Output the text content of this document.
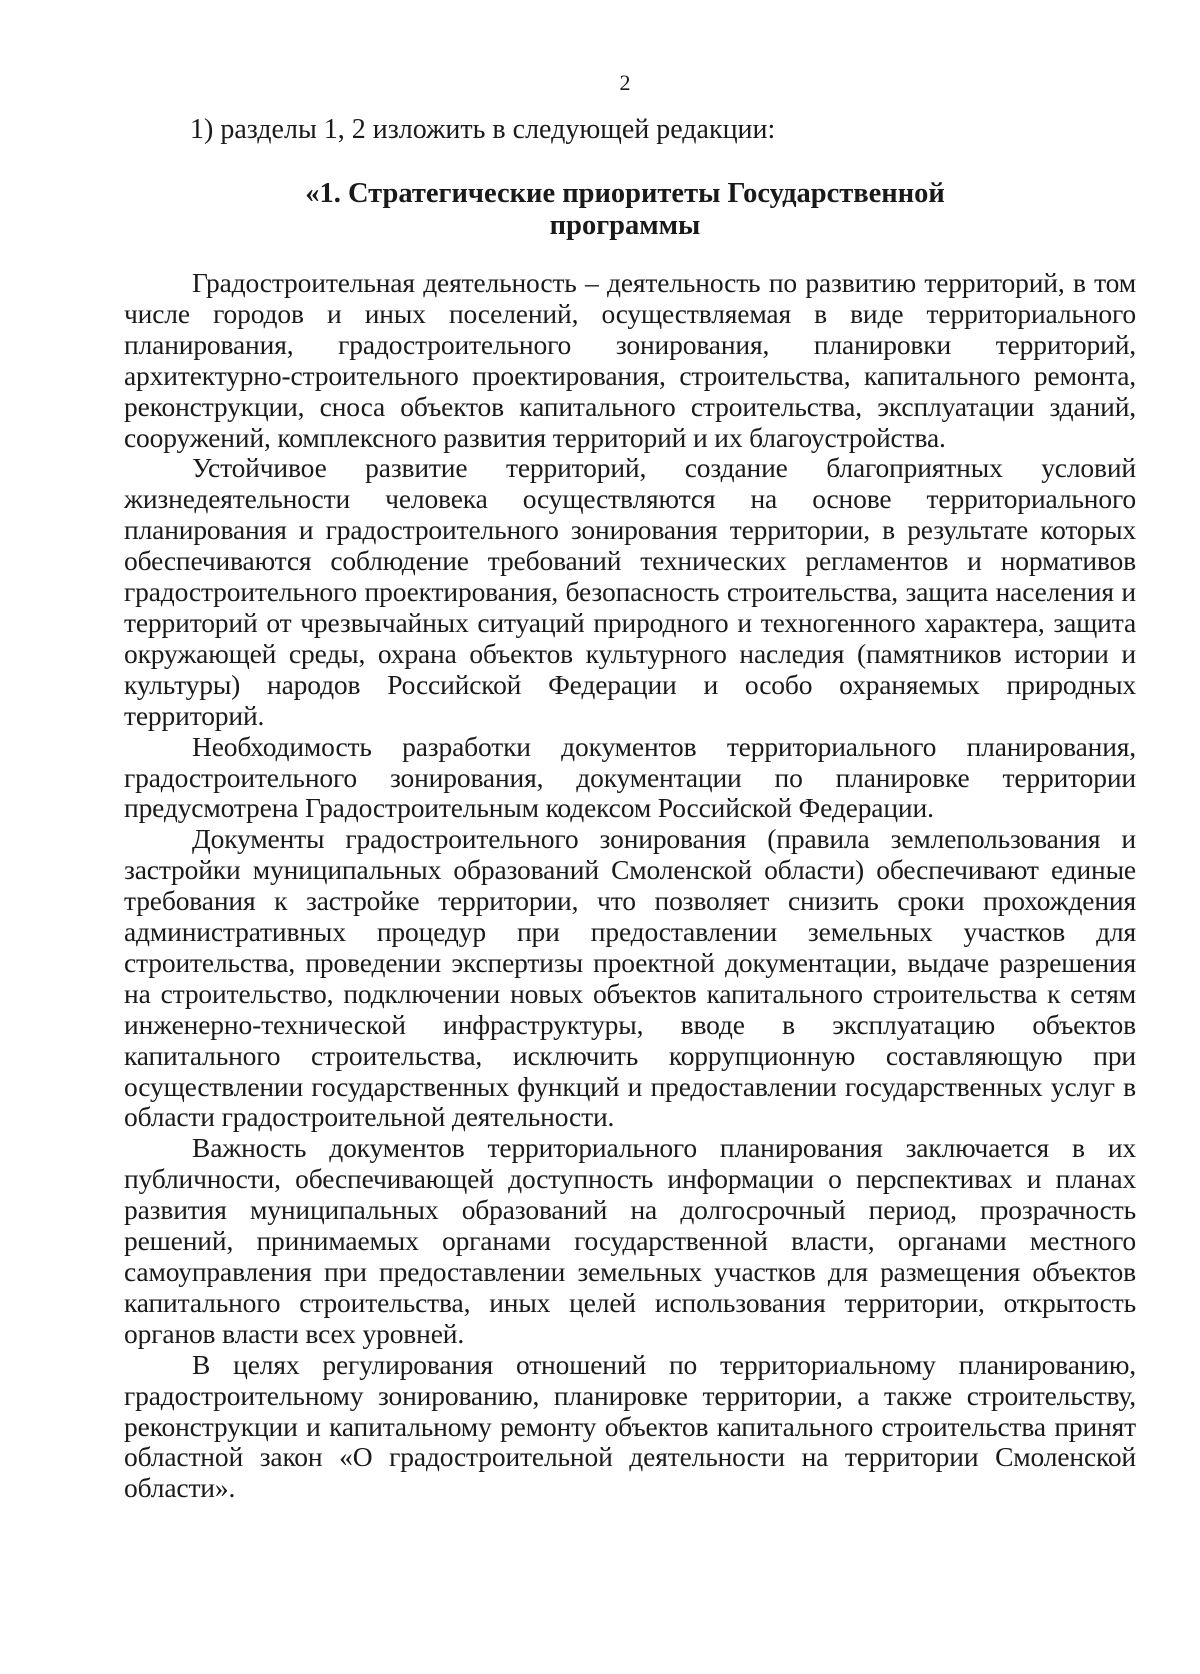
2
1) разделы 1, 2 изложить в следующей редакции:
«1. Стратегические приоритеты Государственной программы

Градостроительная деятельность – деятельность по развитию территорий, в том числе городов и иных поселений, осуществляемая в виде территориального планирования, градостроительного зонирования, планировки территорий, архитектурно-строительного проектирования, строительства, капитального ремонта, реконструкции, сноса объектов капитального строительства, эксплуатации зданий, сооружений, комплексного развития территорий и их благоустройства.

Устойчивое развитие территорий, создание благоприятных условий жизнедеятельности человека осуществляются на основе территориального планирования и градостроительного зонирования территории, в результате которых обеспечиваются соблюдение требований технических регламентов и нормативов градостроительного проектирования, безопасность строительства, защита населения и территорий от чрезвычайных ситуаций природного и техногенного характера, защита окружающей среды, охрана объектов культурного наследия (памятников истории и культуры) народов Российской Федерации и особо охраняемых природных территорий.

Необходимость разработки документов территориального планирования, градостроительного зонирования, документации по планировке территории предусмотрена Градостроительным кодексом Российской Федерации.

Документы градостроительного зонирования (правила землепользования и застройки муниципальных образований Смоленской области) обеспечивают единые требования к застройке территории, что позволяет снизить сроки прохождения административных процедур при предоставлении земельных участков для строительства, проведении экспертизы проектной документации, выдаче разрешения на строительство, подключении новых объектов капитального строительства к сетям инженерно-технической инфраструктуры, вводе в эксплуатацию объектов капитального строительства, исключить коррупционную составляющую при осуществлении государственных функций и предоставлении государственных услуг в области градостроительной деятельности.

Важность документов территориального планирования заключается в их публичности, обеспечивающей доступность информации о перспективах и планах развития муниципальных образований на долгосрочный период, прозрачность решений, принимаемых органами государственной власти, органами местного самоуправления при предоставлении земельных участков для размещения объектов капитального строительства, иных целей использования территории, открытость органов власти всех уровней.

В целях регулирования отношений по территориальному планированию, градостроительному зонированию, планировке территории, а также строительству, реконструкции и капитальному ремонту объектов капитального строительства принят областной закон «О градостроительной деятельности на территории Смоленской области».
